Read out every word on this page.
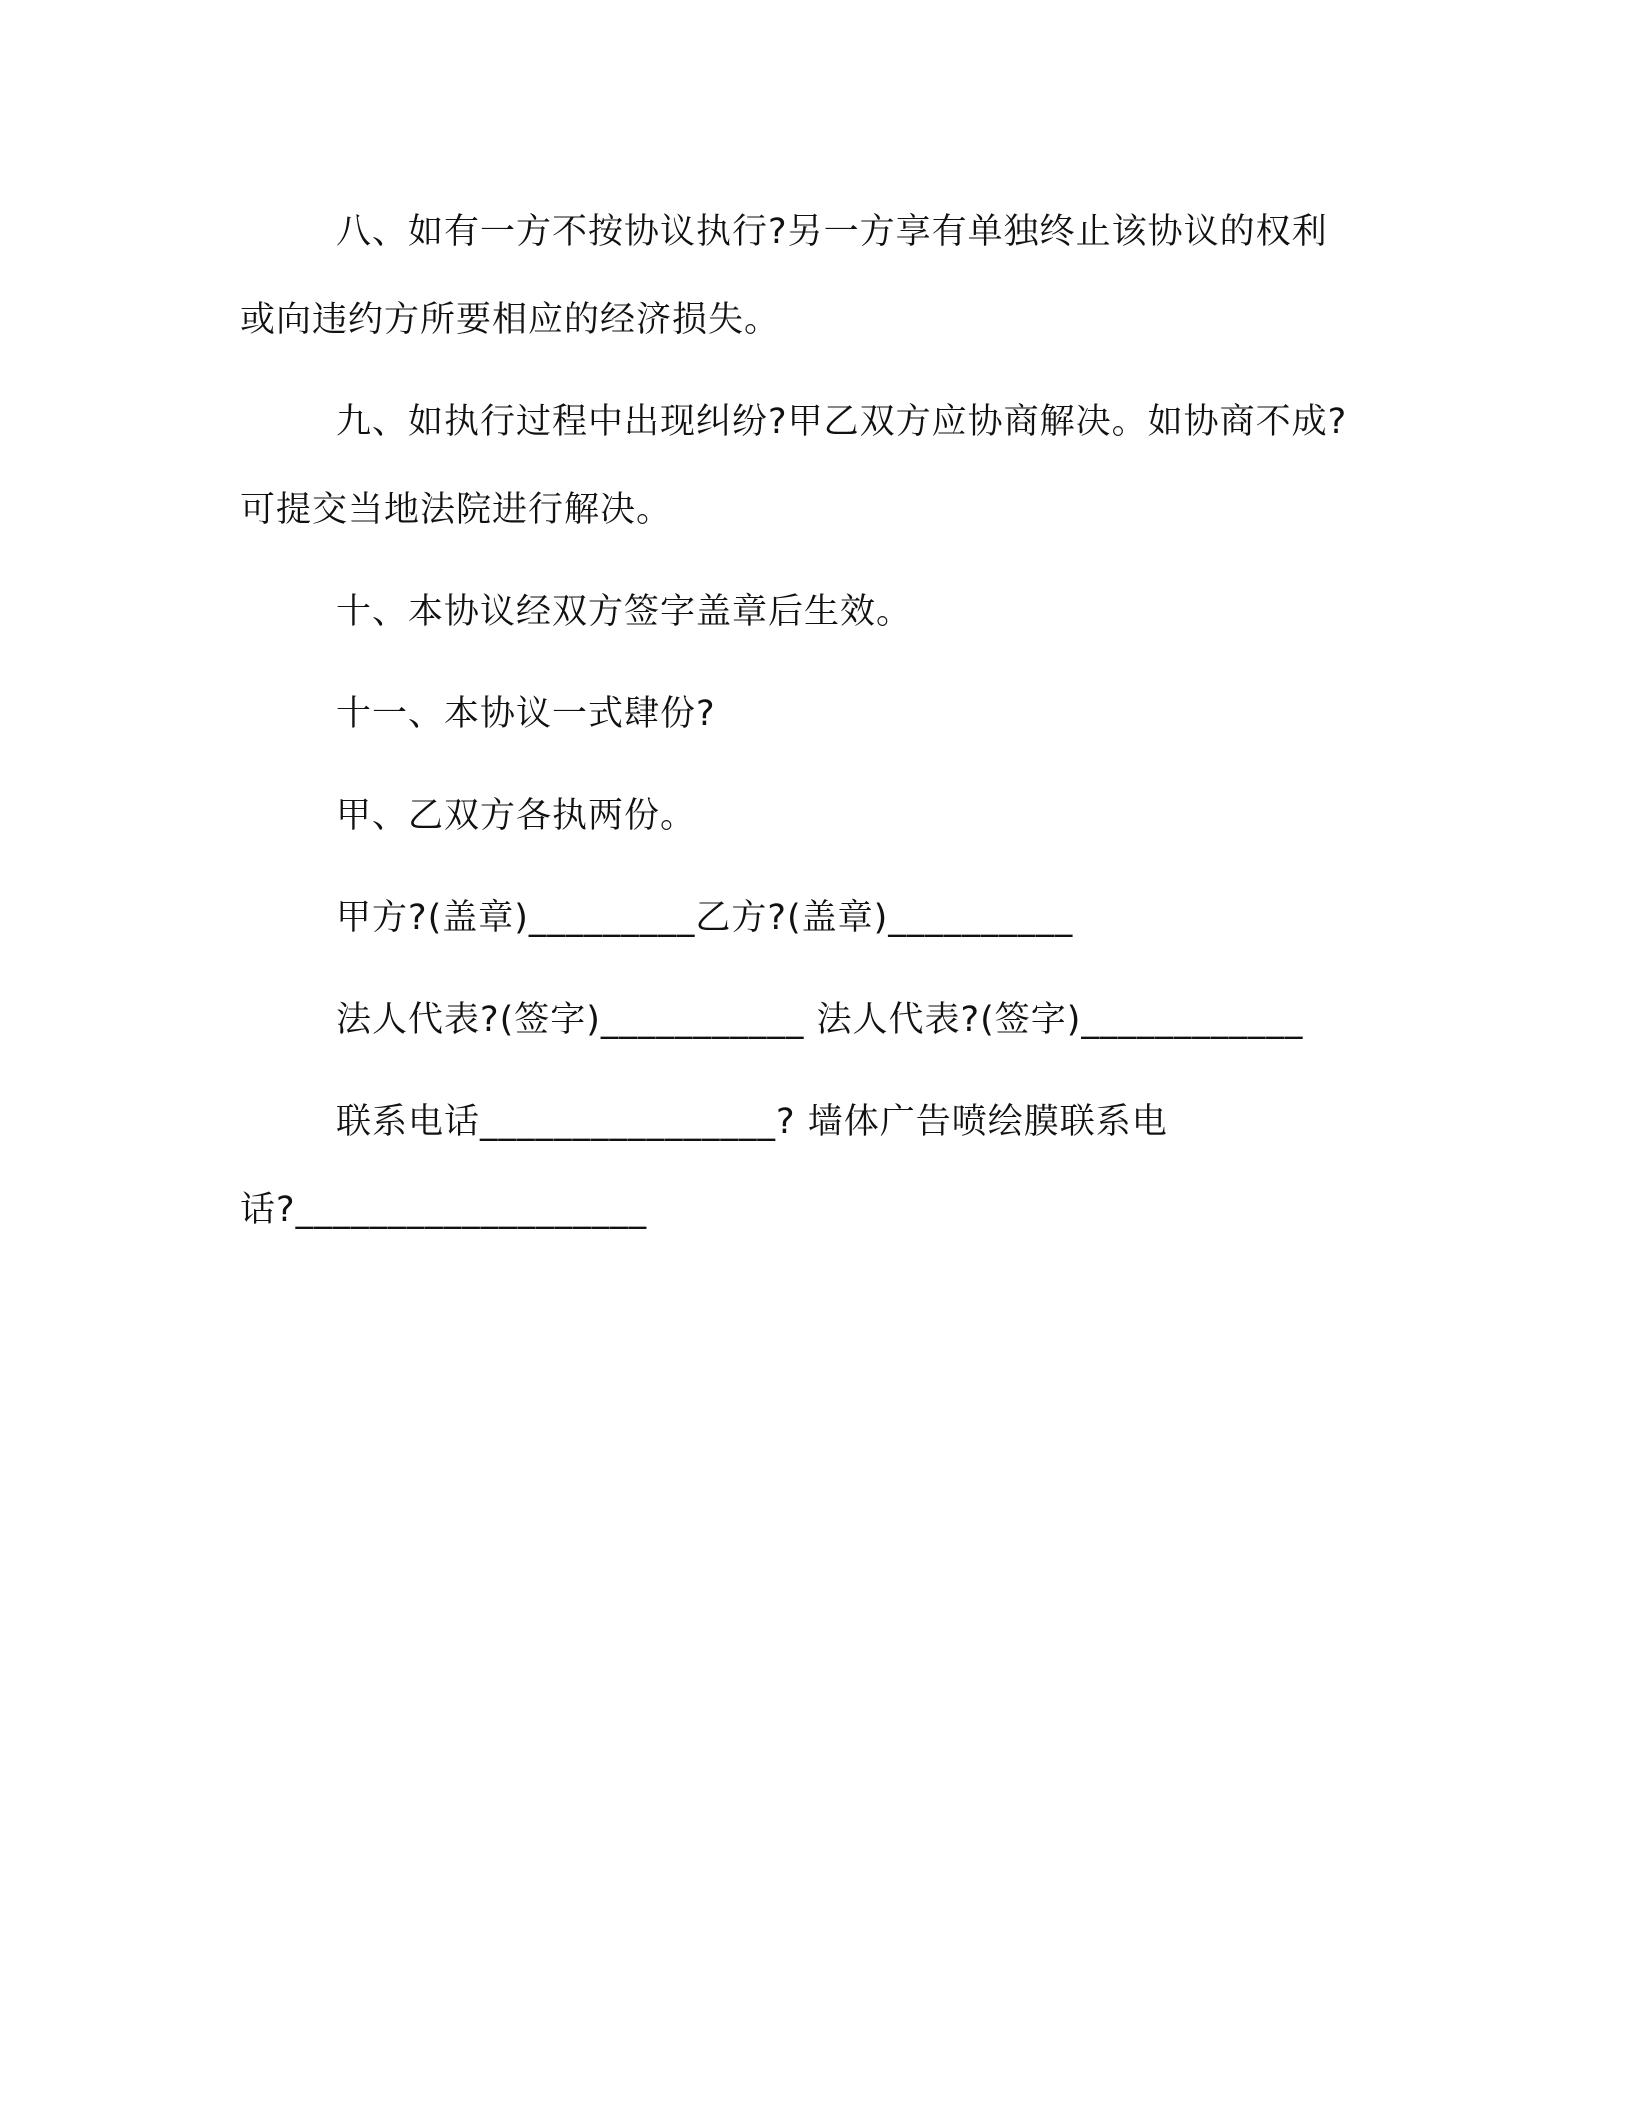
八、如有一方不按协议执行?另一方享有单独终止该协议的权利
或向违约方所要相应的经济损失。
九、如执行过程中出现纠纷?甲乙双方应协商解决。如协商不成?
可提交当地法院进行解决。
十、本协议经双方签字盖章后生效。
十一、本协议一式肆份?
甲、乙双方各执两份。
甲方?(盖章)_________乙方?(盖章)__________
法人代表?(签字)___________ 法人代表?(签字)____________
联系电话________________? 墙体广告喷绘膜联系电
话?___________________
